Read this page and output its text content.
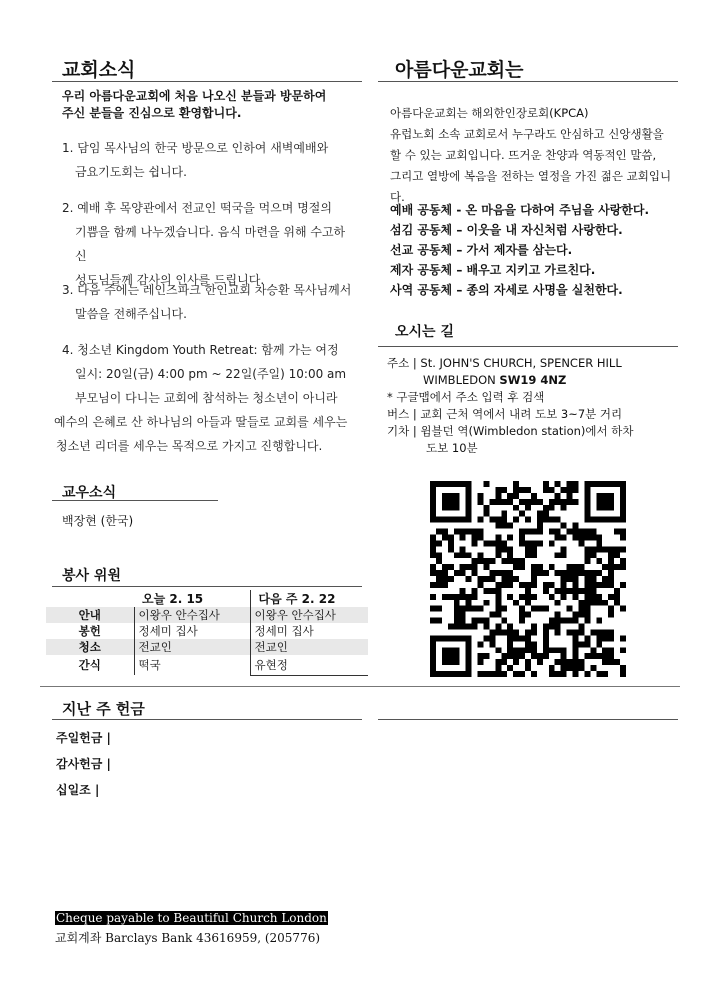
교회소식
우리 아름다운교회에 처음 나오신 분들과 방문하여
주신 분들을 진심으로 환영합니다.
1. 담임 목사님의 한국 방문으로 인하여 새벽예배와
금요기도회는 쉽니다.
2. 예배 후 목양관에서 전교인 떡국을 먹으며 명절의
기쁨을 함께 나누겠습니다. 음식 마련을 위해 수고하신
성도님들께 감사의 인사를 드립니다.
3. 다음 주에는 레인즈파크 한인교회 차승환 목사님께서
말씀을 전해주십니다.
4. 청소년 Kingdom Youth Retreat: 함께 가는 여정
일시: 20일(금) 4:00 pm ~ 22일(주일) 10:00 am
부모님이 다니는 교회에 참석하는 청소년이 아니라
예수의 은혜로 산 하나님의 아들과 딸들로 교회를 세우는
청소년 리더를 세우는 목적으로 가지고 진행합니다.
교우소식
백장현 (한국)
봉사 위원
	오늘 2. 15	다음 주 2. 22
안내	이왕우 안수집사	이왕우 안수집사
봉헌	정세미 집사	정세미 집사
청소	전교인	전교인
간식	떡국	유현정
지난 주 헌금
주일헌금 |
감사헌금 |
십일조 |
Cheque payable to Beautiful Church London
교회계좌 Barclays Bank 43616959, (205776)
아름다운교회는
아름다운교회는 해외한인장로회(KPCA)
유럽노회 소속 교회로서 누구라도 안심하고 신앙생활을
할 수 있는 교회입니다. 뜨거운 찬양과 역동적인 말씀,
그리고 열방에 복음을 전하는 열정을 가진 젊은 교회입니다.
예배 공동체 - 온 마음을 다하여 주님을 사랑한다.
섬김 공동체 – 이웃을 내 자신처럼 사랑한다.
선교 공동체 – 가서 제자를 삼는다.
제자 공동체 – 배우고 지키고 가르친다.
사역 공동체 – 종의 자세로 사명을 실천한다.
오시는 길
주소 | St. JOHN'S CHURCH, SPENCER HILL
WIMBLEDON SW19 4NZ
* 구글맵에서 주소 입력 후 검색
버스 | 교회 근처 역에서 내려 도보 3~7분 거리
기차 | 윔블던 역(Wimbledon station)에서 하차
도보 10분
